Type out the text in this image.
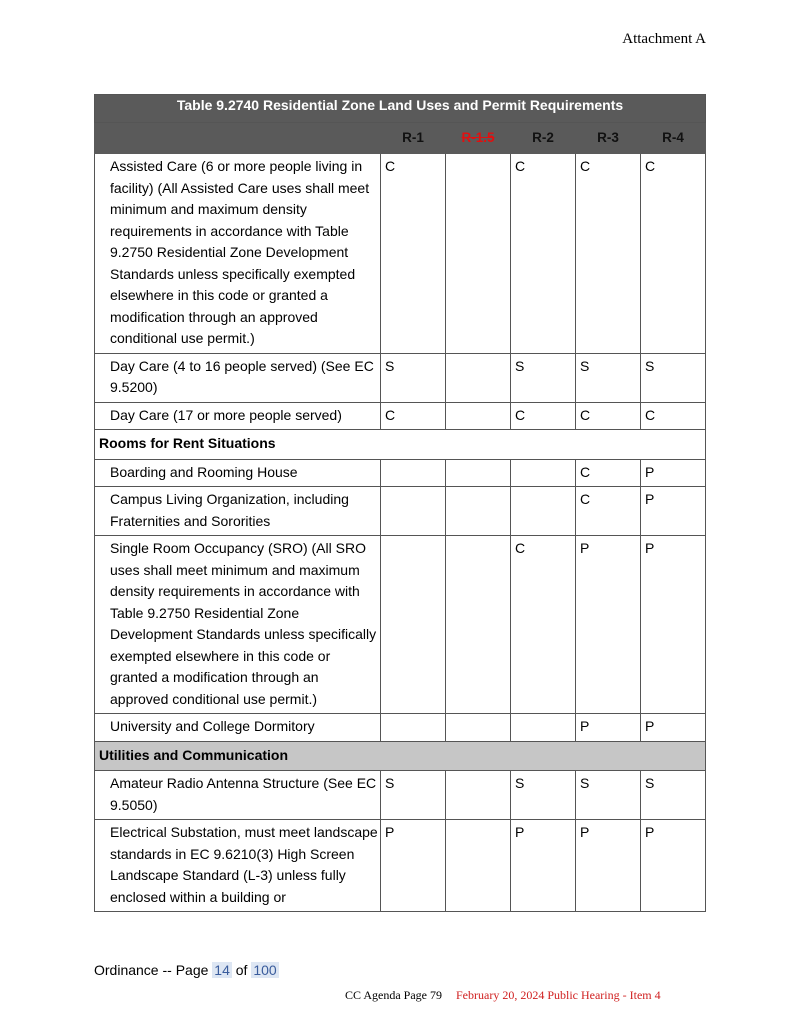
Attachment A
Table 9.2740 Residential Zone Land Uses and Permit Requirements					
	R-1	R-1.5	R-2	R-3	R-4
Assisted Care (6 or more people living in facility) (All Assisted Care uses shall meet minimum and maximum density requirements in accordance with Table 9.2750 Residential Zone Development Standards unless specifically exempted elsewhere in this code or granted a modification through an approved conditional use permit.)	C		C	C	C
Day Care (4 to 16 people served) (See EC 9.5200)	S		S	S	S
Day Care (17 or more people served)	C		C	C	C
Rooms for Rent Situations					
Boarding and Rooming House				C	P
Campus Living Organization, including Fraternities and Sororities				C	P
Single Room Occupancy (SRO) (All SRO uses shall meet minimum and maximum density requirements in accordance with Table 9.2750 Residential Zone Development Standards unless specifically exempted elsewhere in this code or granted a modification through an approved conditional use permit.)			C	P	P
University and College Dormitory				P	P
Utilities and Communication					
Amateur Radio Antenna Structure (See EC 9.5050)	S		S	S	S
Electrical Substation, must meet landscape standards in EC 9.6210(3) High Screen Landscape Standard (L-3) unless fully enclosed within a building or	P		P	P	P
Ordinance -- Page 14 of 100
CC Agenda Page 79 February 20, 2024 Public Hearing - Item 4
